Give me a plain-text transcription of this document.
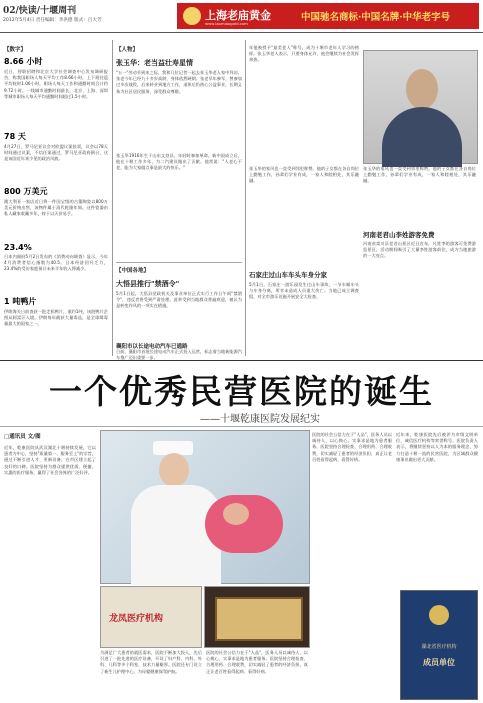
02/快读/十堰周刊
2012年5月4日 责任编辑：李洪德 版式：吕大芳	上海老庙黄金
www.laomiaogold.com
中国驰名商标·中国名牌·中华老字号
【数字】
8.66 小时
近日，智联招聘和北京大学社会调查中心发布调研报告，称我国职场人每天平均工作8.66小时，上下班往返平均耗时1.06小时。职场人每天工作和通勤时间合计约9.72小时。一线城市通勤时间最长，北京、上海、深圳等城市职场人每天平均通勤时间超过1.5小时。
78 天
4月27日，罗马尼亚议会对欧盟议案投票，议会以78天时间通过议案，不信任案通过，罗马尼亚政府倒台，这是该国近年来少见的政治风波。
800 万美元
澳大利亚一家店近日将一件国宝级的古董陶瓷以800万美元价格出售，该物件属于清代乾隆年间。这件瓷器由私人藏家收藏多年，终于以天价易手。
23.4%
日本内阁府5月2日发布的《消费动向调查》显示，今年4月消费者信心指数为40.5。日本经济回升乏力，23.4%的受访家庭预计未来半年收入将减少。
1 吨鸭片
伊朗海关日前查获一批走私鸭片，重约1吨，该批鸭片企图从阿富汗入境。伊朗每年截获大量毒品，是全球缉毒量最大的国家之一。
【人物】
张玉华：老当益壮寿星情
"五一"劳动节到来之际，我和几位记者一起去张玉华老人家中拜访。张老今年已经九十多岁高龄，身体依然硬朗。张老早年参军，曾参加过多次战役，后来转业到地方工作，退休后仍热心公益事业，长期义务为社区居民服务，深受群众尊敬。
张玉华1916年生于山东文登县，年轻时参加革命。新中国成立后，他在十堰工作多年，为二汽建设做出了贡献。他常说："人老心不老，能为大家做点事是最大的快乐。"
【中国各地】
大悟县推行"禁酒令"
5月1日起，大悟县党政机关及事业单位正式实行工作日午间"禁酒令"，违反者将受到严肃处理。此举受到当地群众普遍欢迎，被认为是转变作风的一项实在措施。
襄阳市以长途电动汽车已通路
日前，襄阳市首批长途电动汽车正式投入运营，标志着当地新能源汽车推广迈出重要一步。
年他被授予"最美老人"称号，成为十堰市老年人学习的榜样。张玉华老人表示，只要身体允许，他会继续为社会发挥余热。
张玉华的家风也一直受到邻里称赞。他的子女都在各自岗位上勤勉工作，孙辈们学业有成，一家人和睦相处，其乐融融。
张玉华的家风也一直受到邻里称赞。他的子女都在各自岗位上勤勉工作，孙辈们学业有成，一家人和睦相处，其乐融融。
石家庄过山车车头车身分家
5月1日，石家庄一游乐园发生过山车事故，一节车厢车头与车身分离，所幸未造成人员重大伤亡。当地已成立调查组，对全市游乐设施开展安全大检查。
河南老君山李姓游客免费
河南省栾川县老君山景区近日宣布，凡姓李的游客可免费游览景区，活动期间吸引了大量李姓游客前往，成为当地旅游的一大亮点。
一个优秀民营医院的诞生
——十堰乾康医院发展纪实
□通讯员 文/图
近年，乾康医院从武汉湖北十堰持续发展，它以患者为中心，坚持"质量第一、服务至上"的宗旨，通过不断引进人才、更新设备，在市区建立起了良好的口碑。医院坚持为群众提供优质、便捷、实惠的医疗服务，赢得了社会各界的广泛好评。
龙凤医疗机构
为满足广大患者的就医需求，医院不断加大投入，先后引进了一批先进的医疗设备，开设了妇产科、内科、外科、儿科等多个科室，技术力量雄厚。医院还专门设立了新生儿护理中心，为母婴健康保驾护航。
医院的社会公信力在于"人品"，医务人员以诚待人、以心换心，实事求是地为患者服务。医院坚持合理检查、合理用药、合理收费，切实减轻了患者的经济负担，真正让老百姓看得起病、看得好病。
医院的社会公信力在于"人品"，医务人员以诚待人、以心换心，实事求是地为患者服务。医院坚持合理检查、合理用药、合理收费，切实减轻了患者的经济负担，真正让老百姓看得起病、看得好病。
近年来，乾康医院先后被评为市级文明单位、诚信医疗机构等荣誉称号。医院负责人表示，将继续坚持以人为本的服务理念，努力打造十堰一流的民营医院，为区域群众健康事业做出更大贡献。
湖北省医疗机构
成员单位
